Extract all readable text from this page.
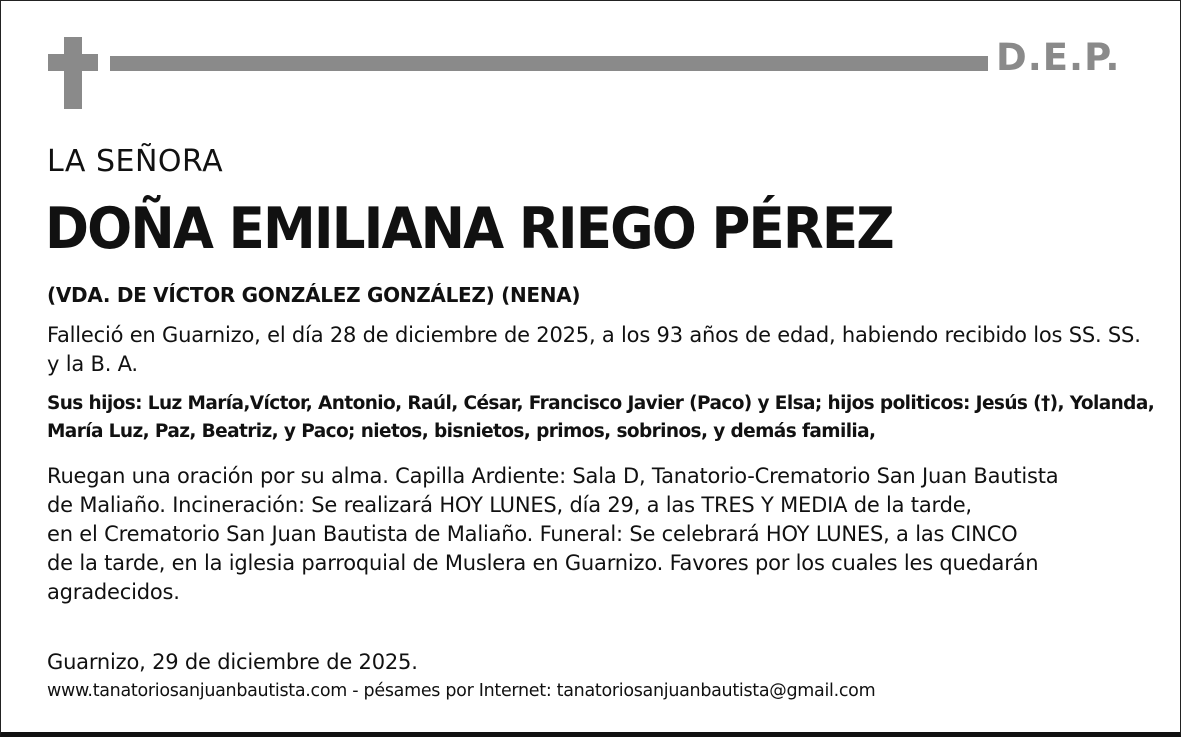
D.E.P.
LA SEÑORA
DOÑA EMILIANA RIEGO PÉREZ
(VDA. DE VÍCTOR GONZÁLEZ GONZÁLEZ) (NENA)

Falleció en Guarnizo, el día 28 de diciembre de 2025, a los 93 años de edad, habiendo recibido los SS. SS. y la B. A.

Sus hijos: Luz María,Víctor, Antonio, Raúl, César, Francisco Javier (Paco) y Elsa; hijos politicos: Jesús (†), Yolanda, María Luz, Paz, Beatriz, y Paco; nietos, bisnietos, primos, sobrinos, y demás familia,

Ruegan una oración por su alma. Capilla Ardiente: Sala D, Tanatorio-Crematorio San Juan Bautista
de Maliaño. Incineración: Se realizará HOY LUNES, día 29, a las TRES Y MEDIA de la tarde,
en el Crematorio San Juan Bautista de Maliaño. Funeral: Se celebrará HOY LUNES, a las CINCO
de la tarde, en la iglesia parroquial de Muslera en Guarnizo. Favores por los cuales les quedarán
agradecidos.

Guarnizo, 29 de diciembre de 2025.
www.tanatoriosanjuanbautista.com - pésames por Internet: tanatoriosanjuanbautista@gmail.com
